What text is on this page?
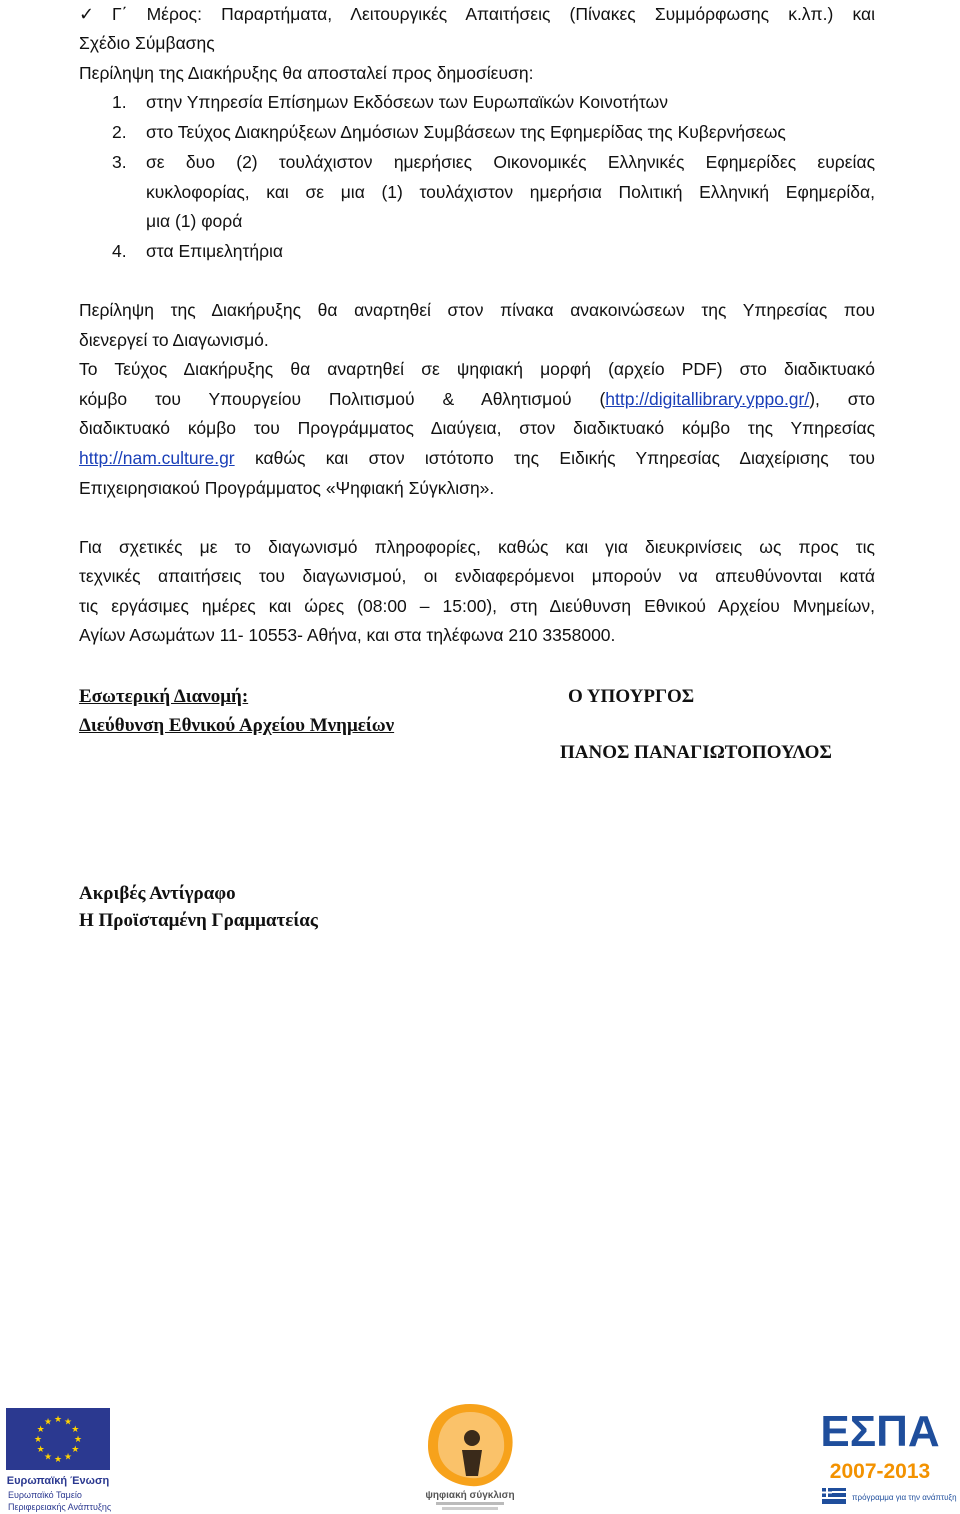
✓ Γ΄ Μέρος: Παραρτήματα, Λειτουργικές Απαιτήσεις (Πίνακες Συμμόρφωσης κ.λπ.) και
Σχέδιο Σύμβασης
Περίληψη της Διακήρυξης θα αποσταλεί προς δημοσίευση:
1. στην Υπηρεσία Επίσημων Εκδόσεων των Ευρωπαϊκών Κοινοτήτων
2. στο Τεύχος Διακηρύξεων Δημόσιων Συμβάσεων της Εφημερίδας της Κυβερνήσεως
3. σε δυο (2) τουλάχιστον ημερήσιες Οικονομικές Ελληνικές Εφημερίδες ευρείας
κυκλοφορίας, και σε μια (1) τουλάχιστον ημερήσια Πολιτική Ελληνική Εφημερίδα,
μια (1) φορά
4. στα Επιμελητήρια
Περίληψη της Διακήρυξης θα αναρτηθεί στον πίνακα ανακοινώσεων της Υπηρεσίας που
διενεργεί το Διαγωνισμό.
Το Τεύχος Διακήρυξης θα αναρτηθεί σε ψηφιακή μορφή (αρχείο PDF) στο διαδικτυακό
κόμβο του Υπουργείου Πολιτισμού & Αθλητισμού (http://digitallibrary.yppo.gr/), στο
διαδικτυακό κόμβο του Προγράμματος Διαύγεια, στον διαδικτυακό κόμβο της Υπηρεσίας
http://nam.culture.gr καθώς και στον ιστότοπο της Ειδικής Υπηρεσίας Διαχείρισης του
Επιχειρησιακού Προγράμματος «Ψηφιακή Σύγκλιση».
Για σχετικές με το διαγωνισμό πληροφορίες, καθώς και για διευκρινίσεις ως προς τις
τεχνικές απαιτήσεις του διαγωνισμού, οι ενδιαφερόμενοι μπορούν να απευθύνονται κατά
τις εργάσιμες ημέρες και ώρες (08:00 – 15:00), στη Διεύθυνση Εθνικού Αρχείου Μνημείων,
Αγίων Ασωμάτων 11- 10553- Αθήνα, και στα τηλέφωνα 210 3358000.
Εσωτερική Διανομή:
Διεύθυνση Εθνικού Αρχείου Μνημείων
Ο ΥΠΟΥΡΓΟΣ
ΠΑΝΟΣ ΠΑΝΑΓΙΩΤΟΠΟΥΛΟΣ
Ακριβές Αντίγραφο
Η Προϊσταμένη Γραμματείας
★
★
★
★
★
★
★
★
★ ★ ★
★
Ευρωπαϊκή Ένωση
Ευρωπαϊκό Ταμείο
Περιφερειακής Ανάπτυξης
ψηφιακή σύγκλιση
ΕΣΠΑ
2007-2013
πρόγραμμα για την ανάπτυξη
